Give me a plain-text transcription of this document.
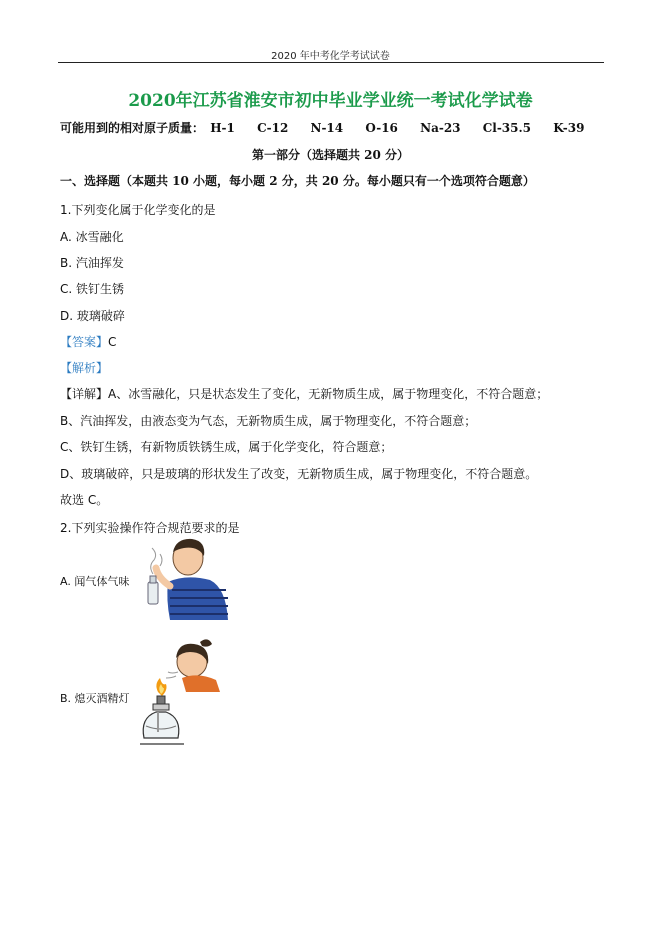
2020 年中考化学考试试卷
2020年江苏省淮安市初中毕业学业统一考试化学试卷
可能用到的相对原子质量： H-1 C-12 N-14 O-16 Na-23 Cl-35.5 K-39
第一部分（选择题共 20 分）
一、选择题（本题共 10 小题，每小题 2 分，共 20 分。每小题只有一个选项符合题意）
1.下列变化属于化学变化的是
A. 冰雪融化
B. 汽油挥发
C. 铁钉生锈
D. 玻璃破碎
【答案】C
【解析】
【详解】A、冰雪融化，只是状态发生了变化，无新物质生成，属于物理变化，不符合题意；
B、汽油挥发，由液态变为气态，无新物质生成，属于物理变化，不符合题意；
C、铁钉生锈，有新物质铁锈生成，属于化学变化，符合题意；
D、玻璃破碎，只是玻璃的形状发生了改变，无新物质生成，属于物理变化，不符合题意。
故选 C。
2.下列实验操作符合规范要求的是
A. 闻气体气味
B. 熄灭酒精灯
